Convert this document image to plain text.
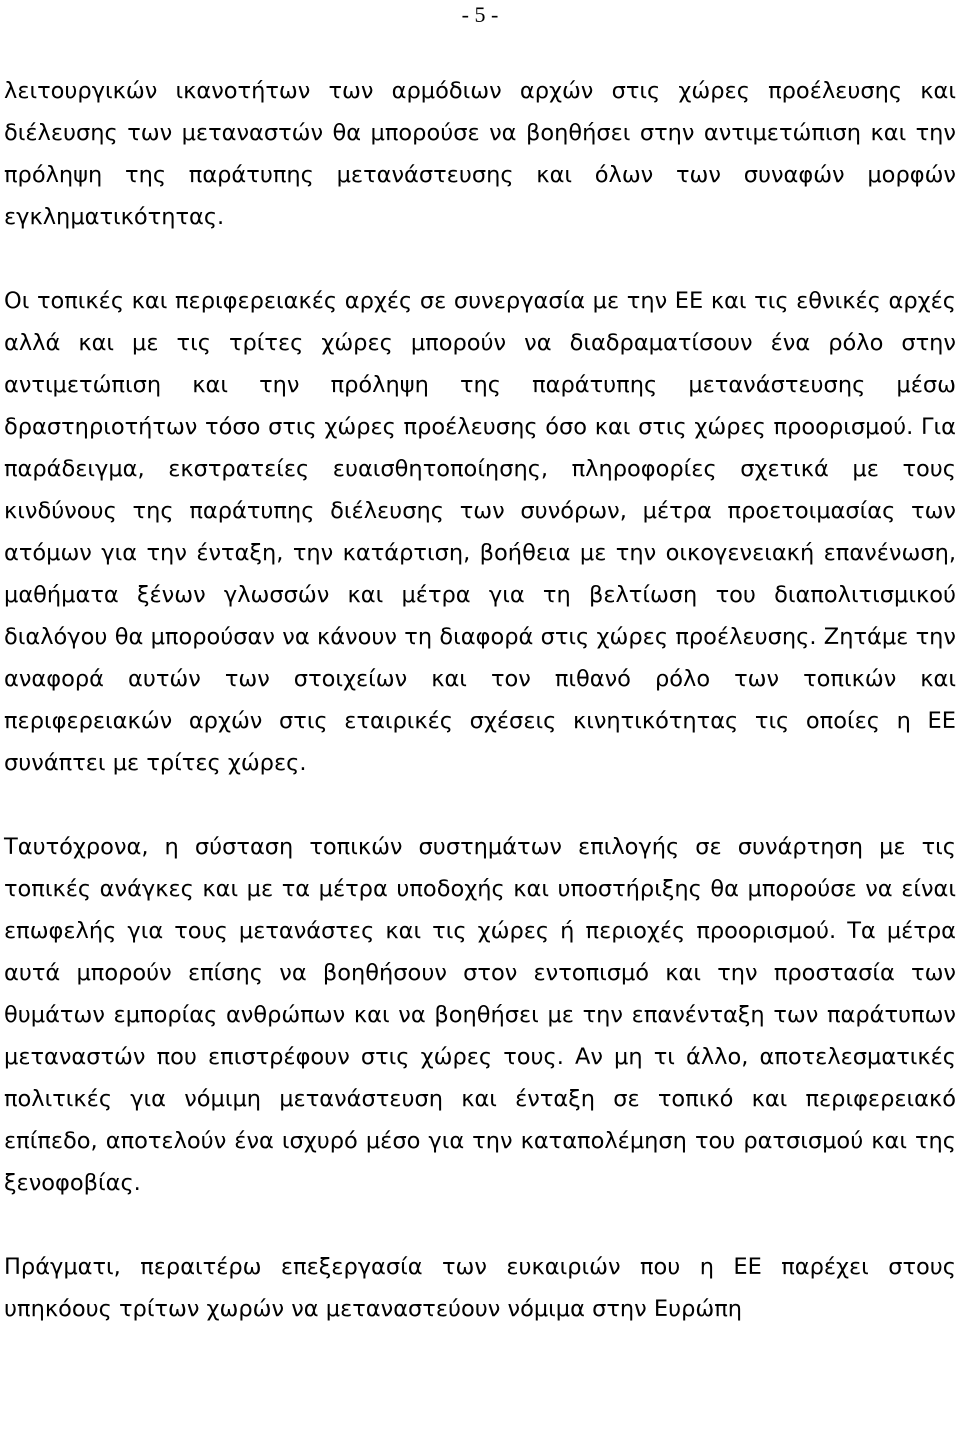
- 5 -

λειτουργικών ικανοτήτων των αρμόδιων αρχών στις χώρες προέλευσης και διέλευσης των μεταναστών θα μπορούσε να βοηθήσει στην αντιμετώπιση και την πρόληψη της παράτυπης μετανάστευσης και όλων των συναφών μορφών εγκληματικότητας.

Οι τοπικές και περιφερειακές αρχές σε συνεργασία με την ΕΕ και τις εθνικές αρχές αλλά και με τις τρίτες χώρες μπορούν να διαδραματίσουν ένα ρόλο στην αντιμετώπιση και την πρόληψη της παράτυπης μετανάστευσης μέσω δραστηριοτήτων τόσο στις χώρες προέλευσης όσο και στις χώρες προορισμού. Για παράδειγμα, εκστρατείες ευαισθητοποίησης, πληροφορίες σχετικά με τους κινδύνους της παράτυπης διέλευσης των συνόρων, μέτρα προετοιμασίας των ατόμων για την ένταξη, την κατάρτιση, βοήθεια με την οικογενειακή επανένωση, μαθήματα ξένων γλωσσών και μέτρα για τη βελτίωση του διαπολιτισμικού διαλόγου θα μπορούσαν να κάνουν τη διαφορά στις χώρες προέλευσης. Ζητάμε την αναφορά αυτών των στοιχείων και τον πιθανό ρόλο των τοπικών και περιφερειακών αρχών στις εταιρικές σχέσεις κινητικότητας τις οποίες η ΕΕ συνάπτει με τρίτες χώρες.

Ταυτόχρονα, η σύσταση τοπικών συστημάτων επιλογής σε συνάρτηση με τις τοπικές ανάγκες και με τα μέτρα υποδοχής και υποστήριξης θα μπορούσε να είναι επωφελής για τους μετανάστες και τις χώρες ή περιοχές προορισμού. Τα μέτρα αυτά μπορούν επίσης να βοηθήσουν στον εντοπισμό και την προστασία των θυμάτων εμπορίας ανθρώπων και να βοηθήσει με την επανένταξη των παράτυπων μεταναστών που επιστρέφουν στις χώρες τους. Αν μη τι άλλο, αποτελεσματικές πολιτικές για νόμιμη μετανάστευση και ένταξη σε τοπικό και περιφερειακό επίπεδο, αποτελούν ένα ισχυρό μέσο για την καταπολέμηση του ρατσισμού και της ξενοφοβίας.

Πράγματι, περαιτέρω επεξεργασία των ευκαιριών που η ΕΕ παρέχει στους υπηκόους τρίτων χωρών να μεταναστεύουν νόμιμα στην Ευρώπη
